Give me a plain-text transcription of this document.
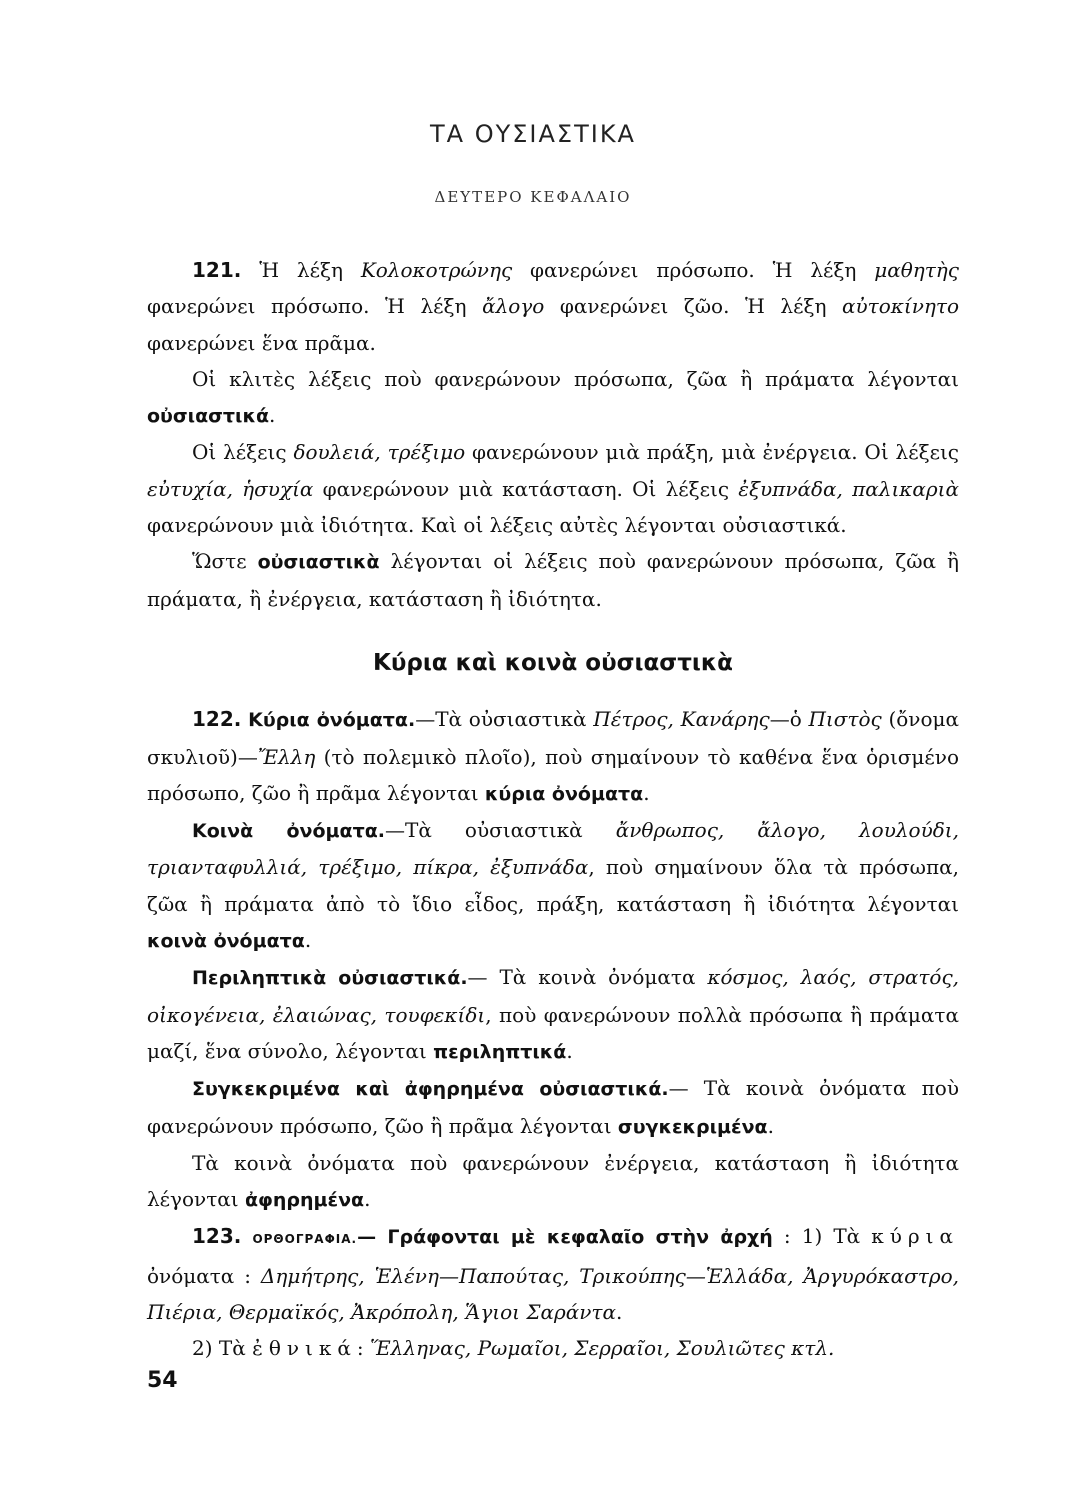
ΤΑ ΟΥΣΙΑΣΤΙΚΑ
ΔΕΥΤΕΡΟ ΚΕΦΑΛΑΙΟ

121. Ἡ λέξη Κολοκοτρώνης φανερώνει πρόσωπο. Ἡ λέξη μαθητὴς φανερώνει πρόσωπο. Ἡ λέξη ἄλογο φανερώνει ζῶο. Ἡ λέξη αὐτοκίνητο φανερώνει ἕνα πρᾶμα.

Οἱ κλιτὲς λέξεις ποὺ φανερώνουν πρόσωπα, ζῶα ἢ πράματα λέγονται οὐσιαστικά.

Οἱ λέξεις δουλειά, τρέξιμο φανερώνουν μιὰ πράξη, μιὰ ἐνέργεια. Οἱ λέξεις εὐτυχία, ἡσυχία φανερώνουν μιὰ κατάσταση. Οἱ λέξεις ἐξυπνάδα, παλικαριὰ φανερώνουν μιὰ ἰδιότητα. Καὶ οἱ λέξεις αὐτὲς λέγονται οὐσιαστικά.

Ὥστε οὐσιαστικὰ λέγονται οἱ λέξεις ποὺ φανερώνουν πρόσωπα, ζῶα ἢ πράματα, ἢ ἐνέργεια, κατάσταση ἢ ἰδιότητα.

Κύρια καὶ κοινὰ οὐσιαστικὰ

122. Κύρια ὀνόματα.—Τὰ οὐσιαστικὰ Πέτρος, Κανάρης—ὁ Πιστὸς (ὄνομα σκυλιοῦ)—Ἔλλη (τὸ πολεμικὸ πλοῖο), ποὺ σημαίνουν τὸ καθένα ἕνα ὁρισμένο πρόσωπο, ζῶο ἢ πρᾶμα λέγονται κύρια ὀνόματα.

Κοινὰ ὀνόματα.—Τὰ οὐσιαστικὰ ἄνθρωπος, ἄλογο, λουλούδι, τριανταφυλλιά, τρέξιμο, πίκρα, ἐξυπνάδα, ποὺ σημαίνουν ὅλα τὰ πρόσωπα, ζῶα ἢ πράματα ἀπὸ τὸ ἴδιο εἶδος, πράξη, κατάσταση ἢ ἰδιότητα λέγονται κοινὰ ὀνόματα.

Περιληπτικὰ οὐσιαστικά.— Τὰ κοινὰ ὀνόματα κόσμος, λαός, στρατός, οἰκογένεια, ἐλαιώνας, τουφεκίδι, ποὺ φανερώνουν πολλὰ πρόσωπα ἢ πράματα μαζί, ἕνα σύνολο, λέγονται περιληπτικά.

Συγκεκριμένα καὶ ἀφηρημένα οὐσιαστικά.— Τὰ κοινὰ ὀνόματα ποὺ φανερώνουν πρόσωπο, ζῶο ἢ πρᾶμα λέγονται συγκεκριμένα.

Τὰ κοινὰ ὀνόματα ποὺ φανερώνουν ἐνέργεια, κατάσταση ἢ ἰδιότητα λέγονται ἀφηρημένα.

123. ΟΡΘΟΓΡΑΦΙΑ.— Γράφονται μὲ κεφαλαῖο στὴν ἀρχή : 1) Τὰ κύρια ὀνόματα : Δημήτρης, Ἑλένη—Παπούτας, Τρικούπης—Ἑλλάδα, Ἀργυρόκαστρο, Πιέρια, Θερμαϊκός, Ἀκρόπολη, Ἅγιοι Σαράντα.

2) Τὰ ἐθνικά: Ἕλληνας, Ρωμαῖοι, Σερραῖοι, Σουλιῶτες κτλ.

54
